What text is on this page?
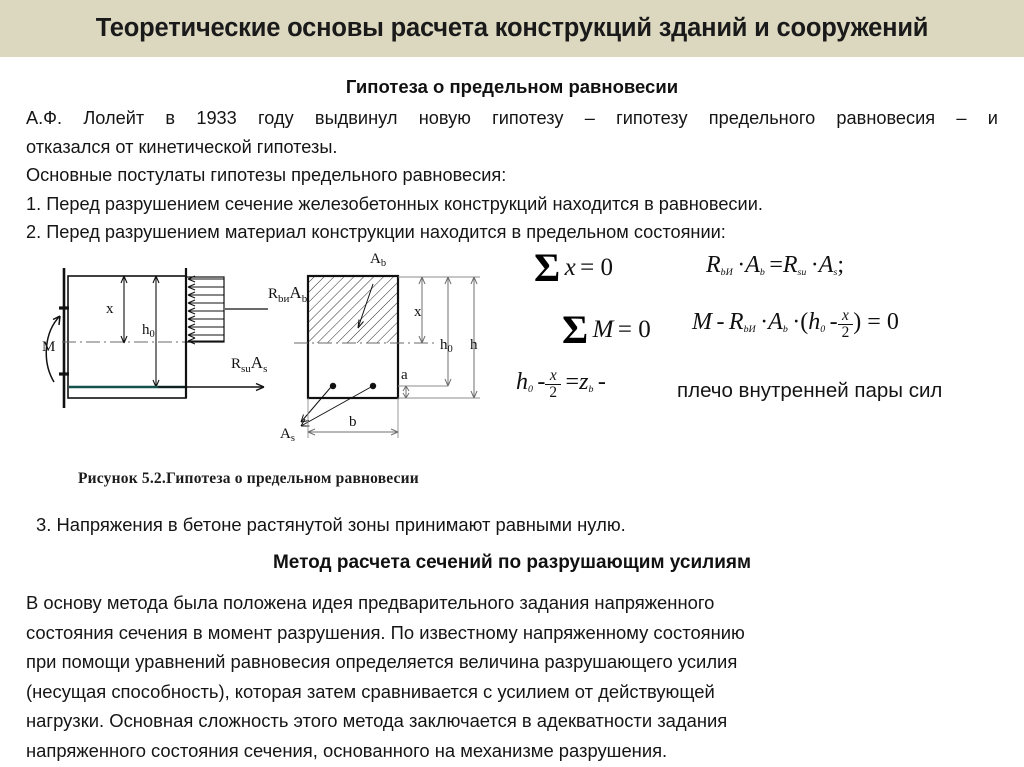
Теоретические основы расчета конструкций зданий и сооружений
Гипотеза о предельном равновесии
А.Ф. Лолейт в 1933 году выдвинул новую гипотезу – гипотезу предельного равновесия – и
отказался от кинетической гипотезы.
Основные постулаты гипотезы предельного равновесия:
1. Перед разрушением сечение железобетонных конструкций находится в равновесии.
2. Перед разрушением материал конструкции находится в предельном состоянии:
M
x
$h_0$
$R_{bи}A_b$
$R_{su}A_s$
$A_b$
$A_s$
x
$h_0$ h
a
b
Рисунок 5.2.Гипотеза о предельном равновесии
Σ x = 0	$R_{bИ} \cdot A_b =R_{su} \cdot A_s$;
Σ M = 0 $M - R_{bИ} \cdot A_b \cdot(h_0 - \frac{x}{2}$ ) = 0
$h_0 - \frac{x}{2} =z_b$ -	плечо внутренней пары сил
3. Напряжения в бетоне растянутой зоны принимают равными нулю.
Метод расчета сечений по разрушающим усилиям
В основу метода была положена идея предварительного задания напряженного
состояния сечения в момент разрушения. По известному напряженному состоянию
при помощи уравнений равновесия определяется величина разрушающего усилия
(несущая способность), которая затем сравнивается с усилием от действующей
нагрузки. Основная сложность этого метода заключается в адекватности задания
напряженного состояния сечения, основанного на механизме разрушения.
